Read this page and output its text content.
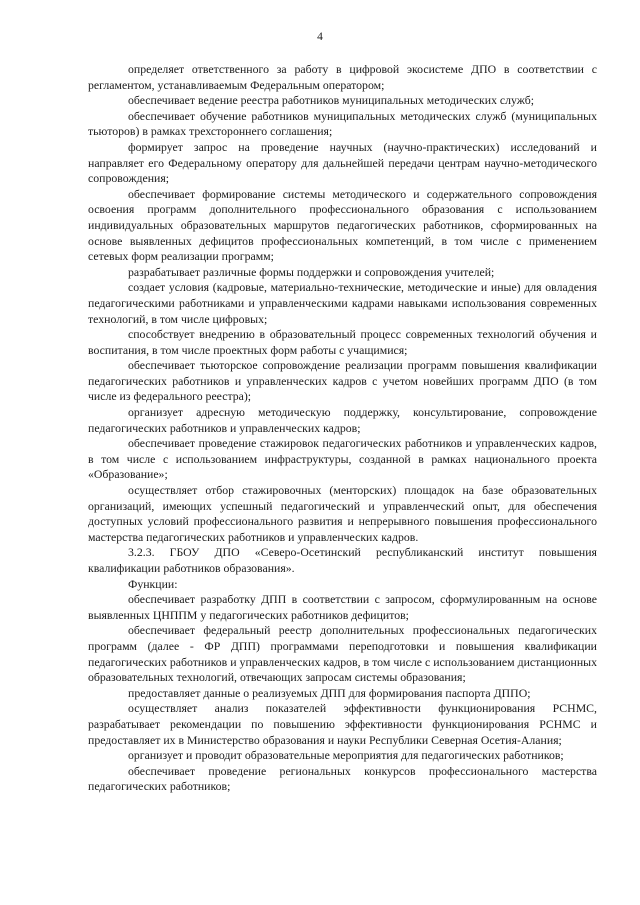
4

определяет ответственного за работу в цифровой экосистеме ДПО в соответствии с регламентом, устанавливаемым Федеральным оператором;

обеспечивает ведение реестра работников муниципальных методических служб;

обеспечивает обучение работников муниципальных методических служб (муниципальных тьюторов) в рамках трехстороннего соглашения;

формирует запрос на проведение научных (научно-практических) исследований и направляет его Федеральному оператору для дальнейшей передачи центрам научно-методического сопровождения;

обеспечивает формирование системы методического и содержательного сопровождения освоения программ дополнительного профессионального образования с использованием индивидуальных образовательных маршрутов педагогических работников, сформированных на основе выявленных дефицитов профессиональных компетенций, в том числе с применением сетевых форм реализации программ;

разрабатывает различные формы поддержки и сопровождения учителей;

создает условия (кадровые, материально-технические, методические и иные) для овладения педагогическими работниками и управленческими кадрами навыками использования современных технологий, в том числе цифровых;

способствует внедрению в образовательный процесс современных технологий обучения и воспитания, в том числе проектных форм работы с учащимися;

обеспечивает тьюторское сопровождение реализации программ повышения квалификации педагогических работников и управленческих кадров с учетом новейших программ ДПО (в том числе из федерального реестра);

организует адресную методическую поддержку, консультирование, сопровождение педагогических работников и управленческих кадров;

обеспечивает проведение стажировок педагогических работников и управленческих кадров, в том числе с использованием инфраструктуры, созданной в рамках национального проекта «Образование»;

осуществляет отбор стажировочных (менторских) площадок на базе образовательных организаций, имеющих успешный педагогический и управленческий опыт, для обеспечения доступных условий профессионального развития и непрерывного повышения профессионального мастерства педагогических работников и управленческих кадров.

3.2.3. ГБОУ ДПО «Северо-Осетинский республиканский институт повышения квалификации работников образования».

Функции:

обеспечивает разработку ДПП в соответствии с запросом, сформулированным на основе выявленных ЦНППМ у педагогических работников дефицитов;

обеспечивает федеральный реестр дополнительных профессиональных педагогических программ (далее - ФР ДПП) программами переподготовки и повышения квалификации педагогических работников и управленческих кадров, в том числе с использованием дистанционных образовательных технологий, отвечающих запросам системы образования;

предоставляет данные о реализуемых ДПП для формирования паспорта ДППО;

осуществляет анализ показателей эффективности функционирования РСНМС, разрабатывает рекомендации по повышению эффективности функционирования РСНМС и предоставляет их в Министерство образования и науки Республики Северная Осетия-Алания;

организует и проводит образовательные мероприятия для педагогических работников;

обеспечивает проведение региональных конкурсов профессионального мастерства педагогических работников;
